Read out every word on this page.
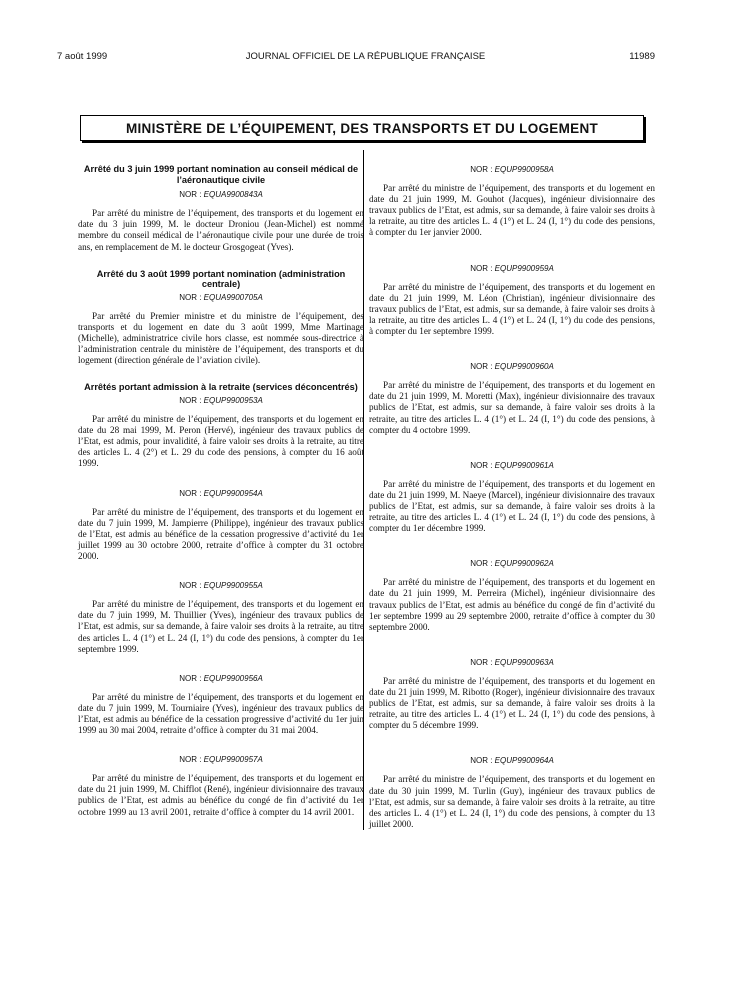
7 août 1999	JOURNAL OFFICIEL DE LA RÉPUBLIQUE FRANÇAISE	11989
MINISTÈRE DE L’ÉQUIPEMENT, DES TRANSPORTS ET DU LOGEMENT
Arrêté du 3 juin 1999 portant nomination au conseil médical de l’aéronautique civile
NOR : EQUA9900843A
Par arrêté du ministre de l’équipement, des transports et du logement en date du 3 juin 1999, M. le docteur Droniou (Jean-Michel) est nommé membre du conseil médical de l’aéronautique civile pour une durée de trois ans, en remplacement de M. le docteur Grosgogeat (Yves).
Arrêté du 3 août 1999 portant nomination (administration centrale)
NOR : EQUA9900705A
Par arrêté du Premier ministre et du ministre de l’équipement, des transports et du logement en date du 3 août 1999, Mme Martinage (Michelle), administratrice civile hors classe, est nommée sous-directrice à l’administration centrale du ministère de l’équipement, des transports et du logement (direction générale de l’aviation civile).
Arrêtés portant admission à la retraite (services déconcentrés)
NOR : EQUP9900953A
Par arrêté du ministre de l’équipement, des transports et du logement en date du 28 mai 1999, M. Peron (Hervé), ingénieur des travaux publics de l’Etat, est admis, pour invalidité, à faire valoir ses droits à la retraite, au titre des articles L. 4 (2°) et L. 29 du code des pensions, à compter du 16 août 1999.
NOR : EQUP9900954A
Par arrêté du ministre de l’équipement, des transports et du logement en date du 7 juin 1999, M. Jampierre (Philippe), ingénieur des travaux publics de l’Etat, est admis au bénéfice de la cessation progressive d’activité du 1er juillet 1999 au 30 octobre 2000, retraite d’office à compter du 31 octobre 2000.
NOR : EQUP9900955A
Par arrêté du ministre de l’équipement, des transports et du logement en date du 7 juin 1999, M. Thuillier (Yves), ingénieur des travaux publics de l’Etat, est admis, sur sa demande, à faire valoir ses droits à la retraite, au titre des articles L. 4 (1°) et L. 24 (I, 1°) du code des pensions, à compter du 1er septembre 1999.
NOR : EQUP9900956A
Par arrêté du ministre de l’équipement, des transports et du logement en date du 7 juin 1999, M. Tourniaire (Yves), ingénieur des travaux publics de l’Etat, est admis au bénéfice de la cessation progressive d’activité du 1er juin 1999 au 30 mai 2004, retraite d’office à compter du 31 mai 2004.
NOR : EQUP9900957A
Par arrêté du ministre de l’équipement, des transports et du logement en date du 21 juin 1999, M. Chifflot (René), ingénieur divisionnaire des travaux publics de l’Etat, est admis au bénéfice du congé de fin d’activité du 1er octobre 1999 au 13 avril 2001, retraite d’office à compter du 14 avril 2001.
NOR : EQUP9900958A
Par arrêté du ministre de l’équipement, des transports et du logement en date du 21 juin 1999, M. Gouhot (Jacques), ingénieur divisionnaire des travaux publics de l’Etat, est admis, sur sa demande, à faire valoir ses droits à la retraite, au titre des articles L. 4 (1°) et L. 24 (I, 1°) du code des pensions, à compter du 1er janvier 2000.
NOR : EQUP9900959A
Par arrêté du ministre de l’équipement, des transports et du logement en date du 21 juin 1999, M. Léon (Christian), ingénieur divisionnaire des travaux publics de l’Etat, est admis, sur sa demande, à faire valoir ses droits à la retraite, au titre des articles L. 4 (1°) et L. 24 (I, 1°) du code des pensions, à compter du 1er septembre 1999.
NOR : EQUP9900960A
Par arrêté du ministre de l’équipement, des transports et du logement en date du 21 juin 1999, M. Moretti (Max), ingénieur divisionnaire des travaux publics de l’Etat, est admis, sur sa demande, à faire valoir ses droits à la retraite, au titre des articles L. 4 (1°) et L. 24 (I, 1°) du code des pensions, à compter du 4 octobre 1999.
NOR : EQUP9900961A
Par arrêté du ministre de l’équipement, des transports et du logement en date du 21 juin 1999, M. Naeye (Marcel), ingénieur divisionnaire des travaux publics de l’Etat, est admis, sur sa demande, à faire valoir ses droits à la retraite, au titre des articles L. 4 (1°) et L. 24 (I, 1°) du code des pensions, à compter du 1er décembre 1999.
NOR : EQUP9900962A
Par arrêté du ministre de l’équipement, des transports et du logement en date du 21 juin 1999, M. Perreira (Michel), ingénieur divisionnaire des travaux publics de l’Etat, est admis au bénéfice du congé de fin d’activité du 1er septembre 1999 au 29 septembre 2000, retraite d’office à compter du 30 septembre 2000.
NOR : EQUP9900963A
Par arrêté du ministre de l’équipement, des transports et du logement en date du 21 juin 1999, M. Ribotto (Roger), ingénieur divisionnaire des travaux publics de l’Etat, est admis, sur sa demande, à faire valoir ses droits à la retraite, au titre des articles L. 4 (1°) et L. 24 (I, 1°) du code des pensions, à compter du 5 décembre 1999.
NOR : EQUP9900964A
Par arrêté du ministre de l’équipement, des transports et du logement en date du 30 juin 1999, M. Turlin (Guy), ingénieur des travaux publics de l’Etat, est admis, sur sa demande, à faire valoir ses droits à la retraite, au titre des articles L. 4 (1°) et L. 24 (I, 1°) du code des pensions, à compter du 13 juillet 2000.
